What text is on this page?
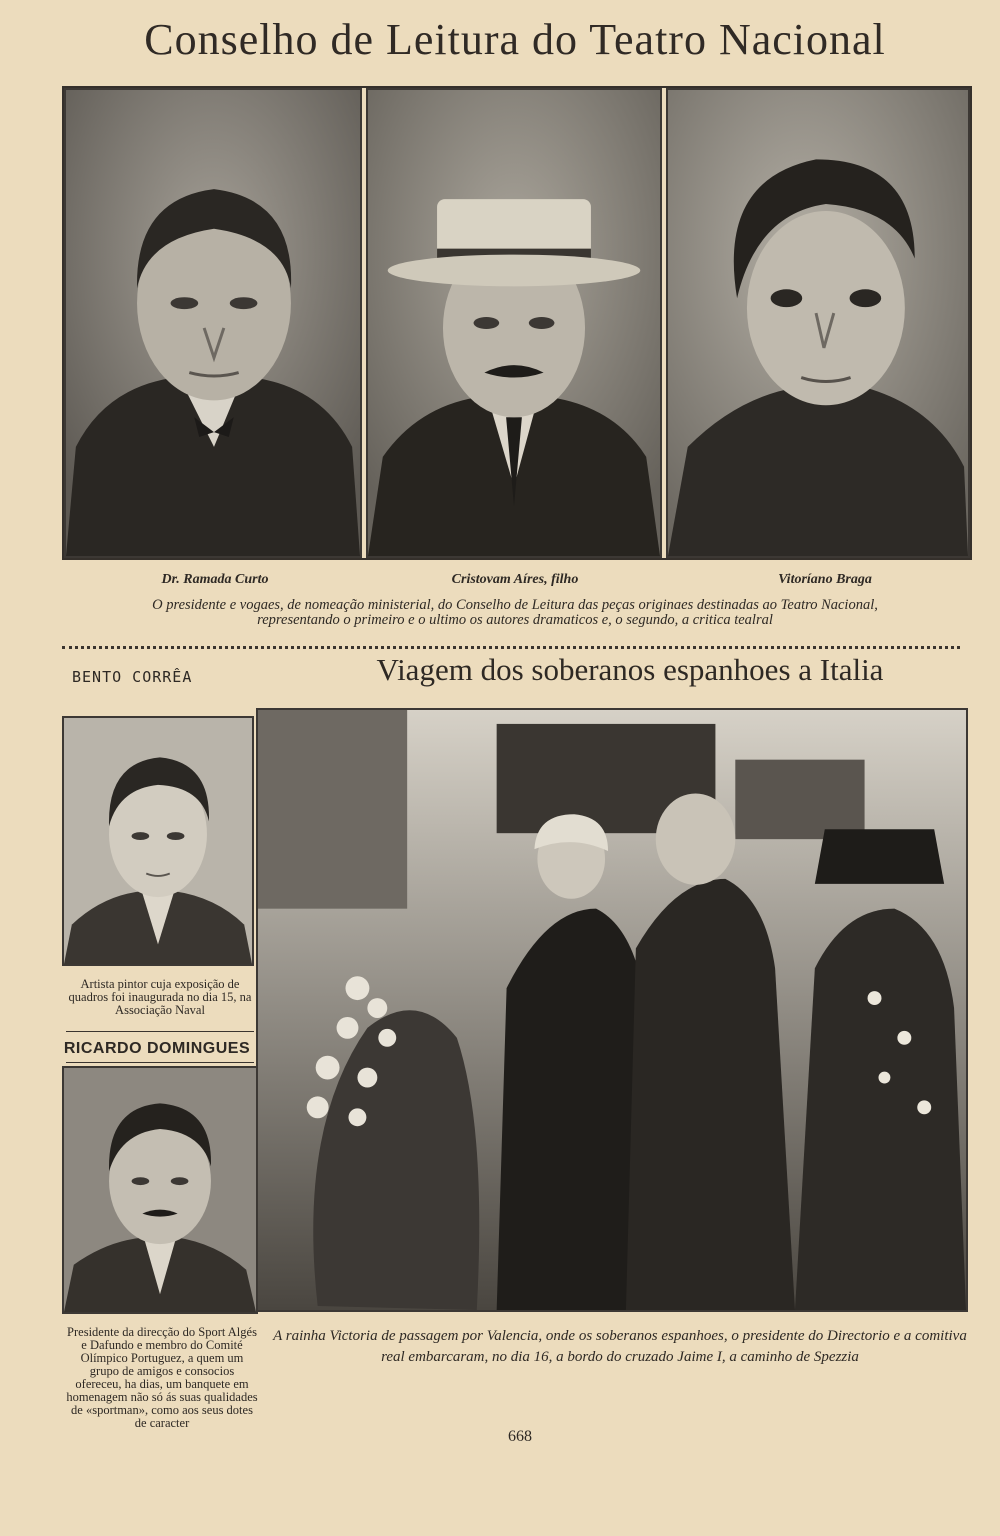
Conselho de Leitura do Teatro Nacional
Dr. Ramada Curto	Cristovam Aíres, filho	Vitoríano Braga
O presidente e vogaes, de nomeação ministerial, do Conselho de Leitura das peças originaes destinadas ao Teatro Nacional,
representando o primeiro e o ultimo os autores dramaticos e, o segundo, a critica tealral
BENTO CORRÊA	Viagem dos soberanos espanhoes a Italia
Artista pintor cuja exposição de quadros foi inaugurada no dia 15, na Associação Naval
RICARDO DOMINGUES
Presidente da direcção do Sport Algés e Dafundo e membro do Comité Olímpico Portuguez, a quem um grupo de amigos e consocios ofereceu, ha dias, um banquete em homenagem não só ás suas qualidades de «sportman», como aos seus dotes de caracter
A rainha Victoria de passagem por Valencia, onde os soberanos espanhoes, o presidente do Directorio e a comitiva real embarcaram, no dia 16, a bordo do cruzado Jaime I, a caminho de Spezzia
668
